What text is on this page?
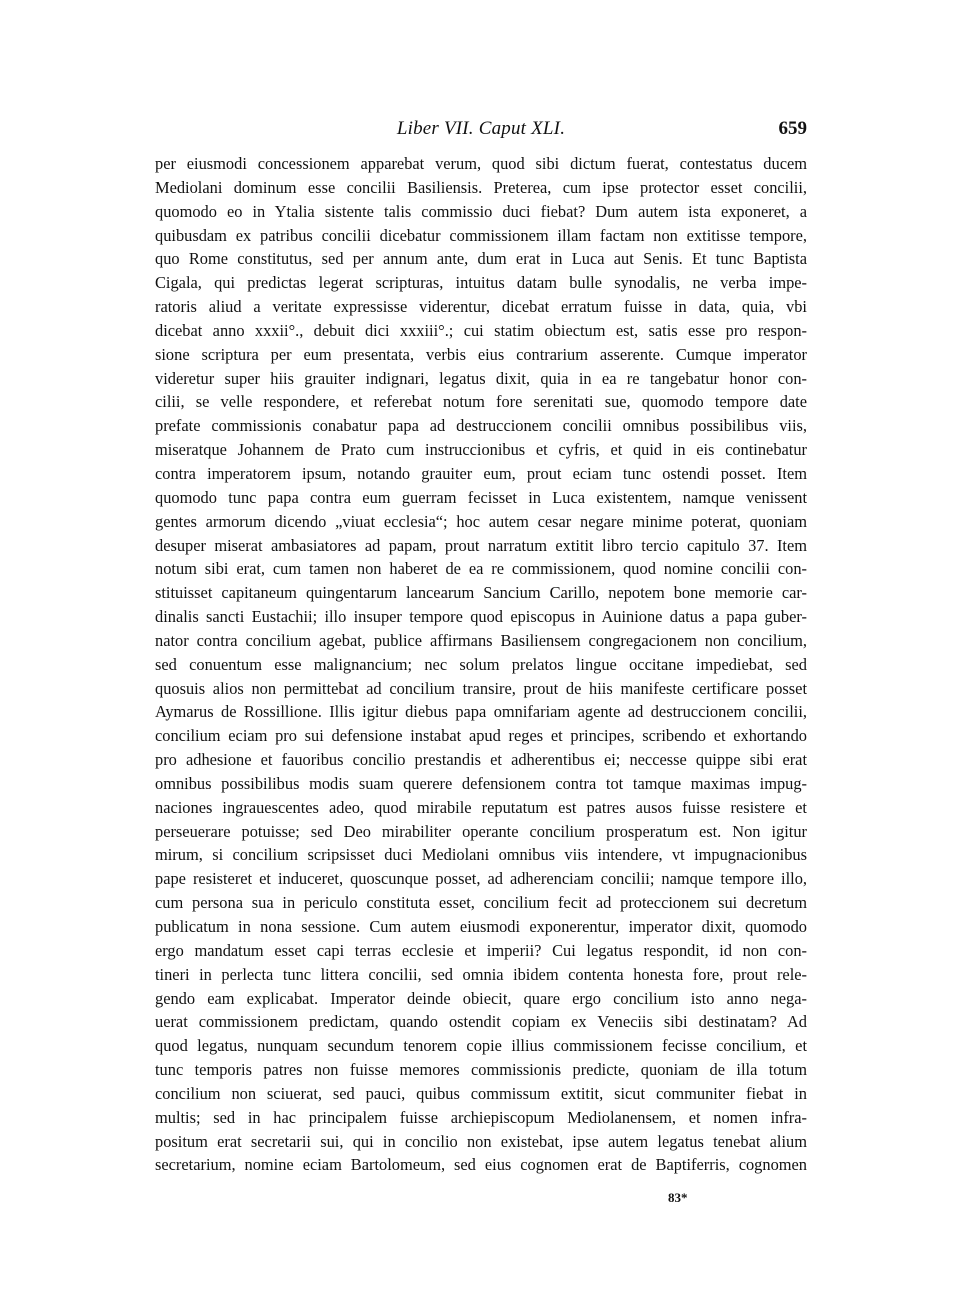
Liber VII. Caput XLI.	659
per eiusmodi concessionem apparebat verum, quod sibi dictum fuerat, contestatus ducem
Mediolani dominum esse concilii Basiliensis. Preterea, cum ipse protector esset concilii,
quomodo eo in Ytalia sistente talis commissio duci fiebat? Dum autem ista exponeret, a
quibusdam ex patribus concilii dicebatur commissionem illam factam non extitisse tempore,
quo Rome constitutus, sed per annum ante, dum erat in Luca aut Senis. Et tunc Baptista
Cigala, qui predictas legerat scripturas, intuitus datam bulle synodalis, ne verba impe-
ratoris aliud a veritate expressisse viderentur, dicebat erratum fuisse in data, quia, vbi
dicebat anno xxxii°., debuit dici xxxiii°.; cui statim obiectum est, satis esse pro respon-
sione scriptura per eum presentata, verbis eius contrarium asserente. Cumque imperator
videretur super hiis grauiter indignari, legatus dixit, quia in ea re tangebatur honor con-
cilii, se velle respondere, et referebat notum fore serenitati sue, quomodo tempore date
prefate commissionis conabatur papa ad destruccionem concilii omnibus possibilibus viis,
miseratque Johannem de Prato cum instruccionibus et cyfris, et quid in eis continebatur
contra imperatorem ipsum, notando grauiter eum, prout eciam tunc ostendi posset. Item
quomodo tunc papa contra eum guerram fecisset in Luca existentem, namque venissent
gentes armorum dicendo „viuat ecclesia“; hoc autem cesar negare minime poterat, quoniam
desuper miserat ambasiatores ad papam, prout narratum extitit libro tercio capitulo 37. Item
notum sibi erat, cum tamen non haberet de ea re commissionem, quod nomine concilii con-
stituisset capitaneum quingentarum lancearum Sancium Carillo, nepotem bone memorie car-
dinalis sancti Eustachii; illo insuper tempore quod episcopus in Auinione datus a papa guber-
nator contra concilium agebat, publice affirmans Basiliensem congregacionem non concilium,
sed conuentum esse malignancium; nec solum prelatos lingue occitane impediebat, sed
quosuis alios non permittebat ad concilium transire, prout de hiis manifeste certificare posset
Aymarus de Rossillione. Illis igitur diebus papa omnifariam agente ad destruccionem concilii,
concilium eciam pro sui defensione instabat apud reges et principes, scribendo et exhortando
pro adhesione et fauoribus concilio prestandis et adherentibus ei; neccesse quippe sibi erat
omnibus possibilibus modis suam querere defensionem contra tot tamque maximas impug-
naciones ingrauescentes adeo, quod mirabile reputatum est patres ausos fuisse resistere et
perseuerare potuisse; sed Deo mirabiliter operante concilium prosperatum est. Non igitur
mirum, si concilium scripsisset duci Mediolani omnibus viis intendere, vt impugnacionibus
pape resisteret et induceret, quoscunque posset, ad adherenciam concilii; namque tempore illo,
cum persona sua in periculo constituta esset, concilium fecit ad proteccionem sui decretum
publicatum in nona sessione. Cum autem eiusmodi exponerentur, imperator dixit, quomodo
ergo mandatum esset capi terras ecclesie et imperii? Cui legatus respondit, id non con-
tineri in perlecta tunc littera concilii, sed omnia ibidem contenta honesta fore, prout rele-
gendo eam explicabat. Imperator deinde obiecit, quare ergo concilium isto anno nega-
uerat commissionem predictam, quando ostendit copiam ex Veneciis sibi destinatam? Ad
quod legatus, nunquam secundum tenorem copie illius commissionem fecisse concilium, et
tunc temporis patres non fuisse memores commissionis predicte, quoniam de illa totum
concilium non sciuerat, sed pauci, quibus commissum extitit, sicut communiter fiebat in
multis; sed in hac principalem fuisse archiepiscopum Mediolanensem, et nomen infra-
positum erat secretarii sui, qui in concilio non existebat, ipse autem legatus tenebat alium
secretarium, nomine eciam Bartolomeum, sed eius cognomen erat de Baptiferris, cognomen
83*
